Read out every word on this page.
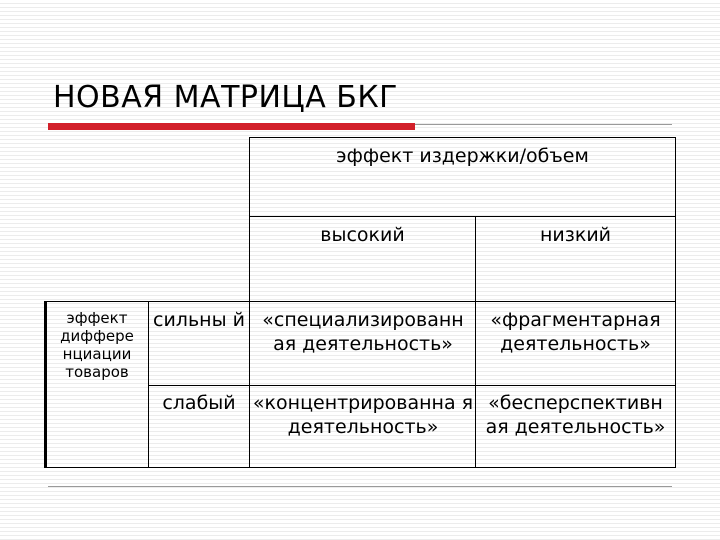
НОВАЯ МАТРИЦА БКГ
эффект издержки/объем
высокий	низкий
эффект диффере нциации товаров
сильны й «специализированн ая деятельность»
«фрагментарная деятельность»
слабый «концентрированна я деятельность»
«бесперспективн ая деятельность»
